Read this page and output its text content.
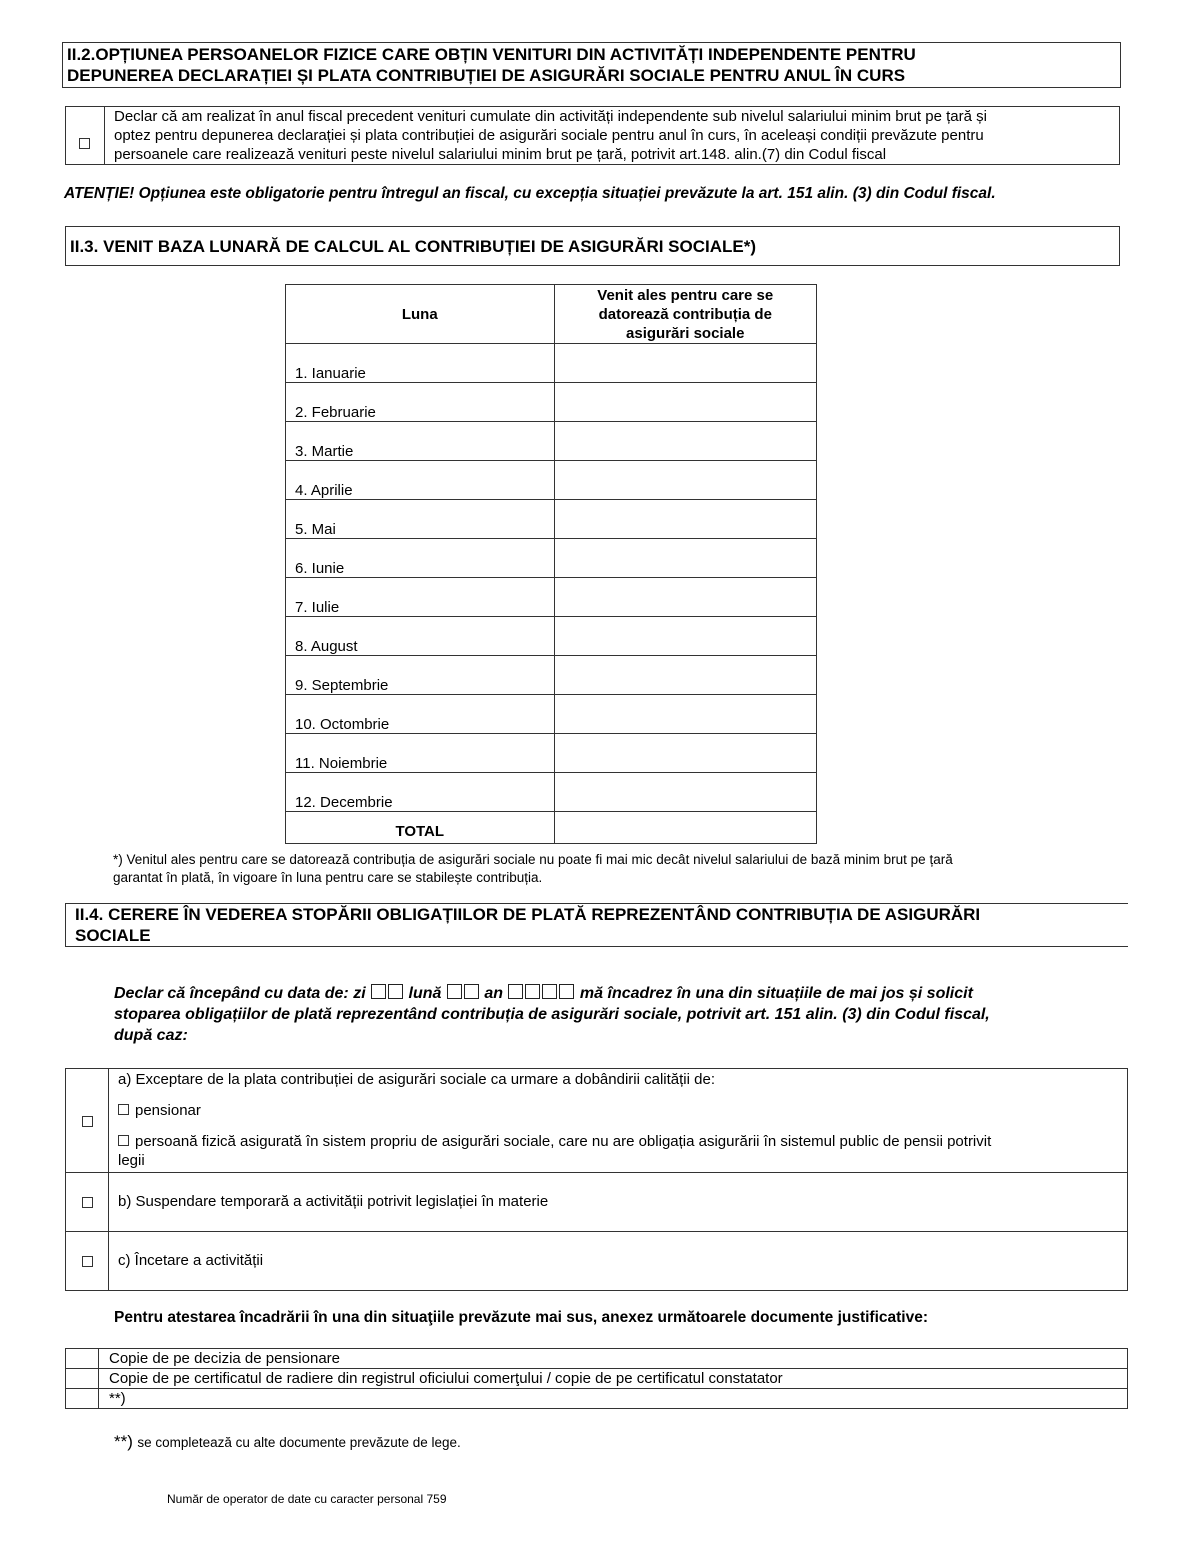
II.2.OPȚIUNEA PERSOANELOR FIZICE CARE OBȚIN VENITURI DIN ACTIVITĂȚI INDEPENDENTE PENTRU
DEPUNEREA DECLARAȚIEI ȘI PLATA CONTRIBUȚIEI DE ASIGURĂRI SOCIALE PENTRU ANUL ÎN CURS
Declar că am realizat în anul fiscal precedent venituri cumulate din activități independente sub nivelul salariului minim brut pe țară și
optez pentru depunerea declarației și plata contribuției de asigurări sociale pentru anul în curs, în aceleași condiții prevăzute pentru
persoanele care realizează venituri peste nivelul salariului minim brut pe țară, potrivit art.148. alin.(7) din Codul fiscal
ATENȚIE! Opțiunea este obligatorie pentru întregul an fiscal, cu excepția situației prevăzute la art. 151 alin. (3) din Codul fiscal.
II.3. VENIT BAZA LUNARĂ DE CALCUL AL CONTRIBUȚIEI DE ASIGURĂRI SOCIALE*)
Luna	Venit ales pentru care se
datorează contribuția de
asigurări sociale

1. Ianuarie	
2. Februarie	
3. Martie	
4. Aprilie	
5. Mai	
6. Iunie	
7. Iulie	
8. August	
9. Septembrie	
10. Octombrie	
11. Noiembrie	
12. Decembrie	
TOTAL	
*) Venitul ales pentru care se datorează contribuția de asigurări sociale nu poate fi mai mic decât nivelul salariului de bază minim brut pe țară
garantat în plată, în vigoare în luna pentru care se stabilește contribuția.
II.4. CERERE ÎN VEDEREA STOPĂRII OBLIGAȚIILOR DE PLATĂ REPREZENTÂND CONTRIBUȚIA DE ASIGURĂRI
SOCIALE
Declar că începând cu data de: zi	lună	an	mă încadrez în una din situațiile de mai jos și solicit
stoparea obligațiilor de plată reprezentând contribuția de asigurări sociale, potrivit art. 151 alin. (3) din Codul fiscal,
după caz:

	a) Exceptare de la plata contribuției de asigurări sociale ca urmare a dobândirii calității de:
pensionar
persoană fizică asigurată în sistem propriu de asigurări sociale, care nu are obligația asigurării în sistemul public de pensii potrivit
legii

	b) Suspendare temporară a activității potrivit legislației în materie
	c) Încetare a activității
Pentru atestarea încadrării în una din situaţiile prevăzute mai sus, anexez următoarele documente justificative:
	Copie de pe decizia de pensionare
	Copie de pe certificatul de radiere din registrul oficiului comerţului / copie de pe certificatul constatator
	**)
**) se completează cu alte documente prevăzute de lege.
Număr de operator de date cu caracter personal 759
